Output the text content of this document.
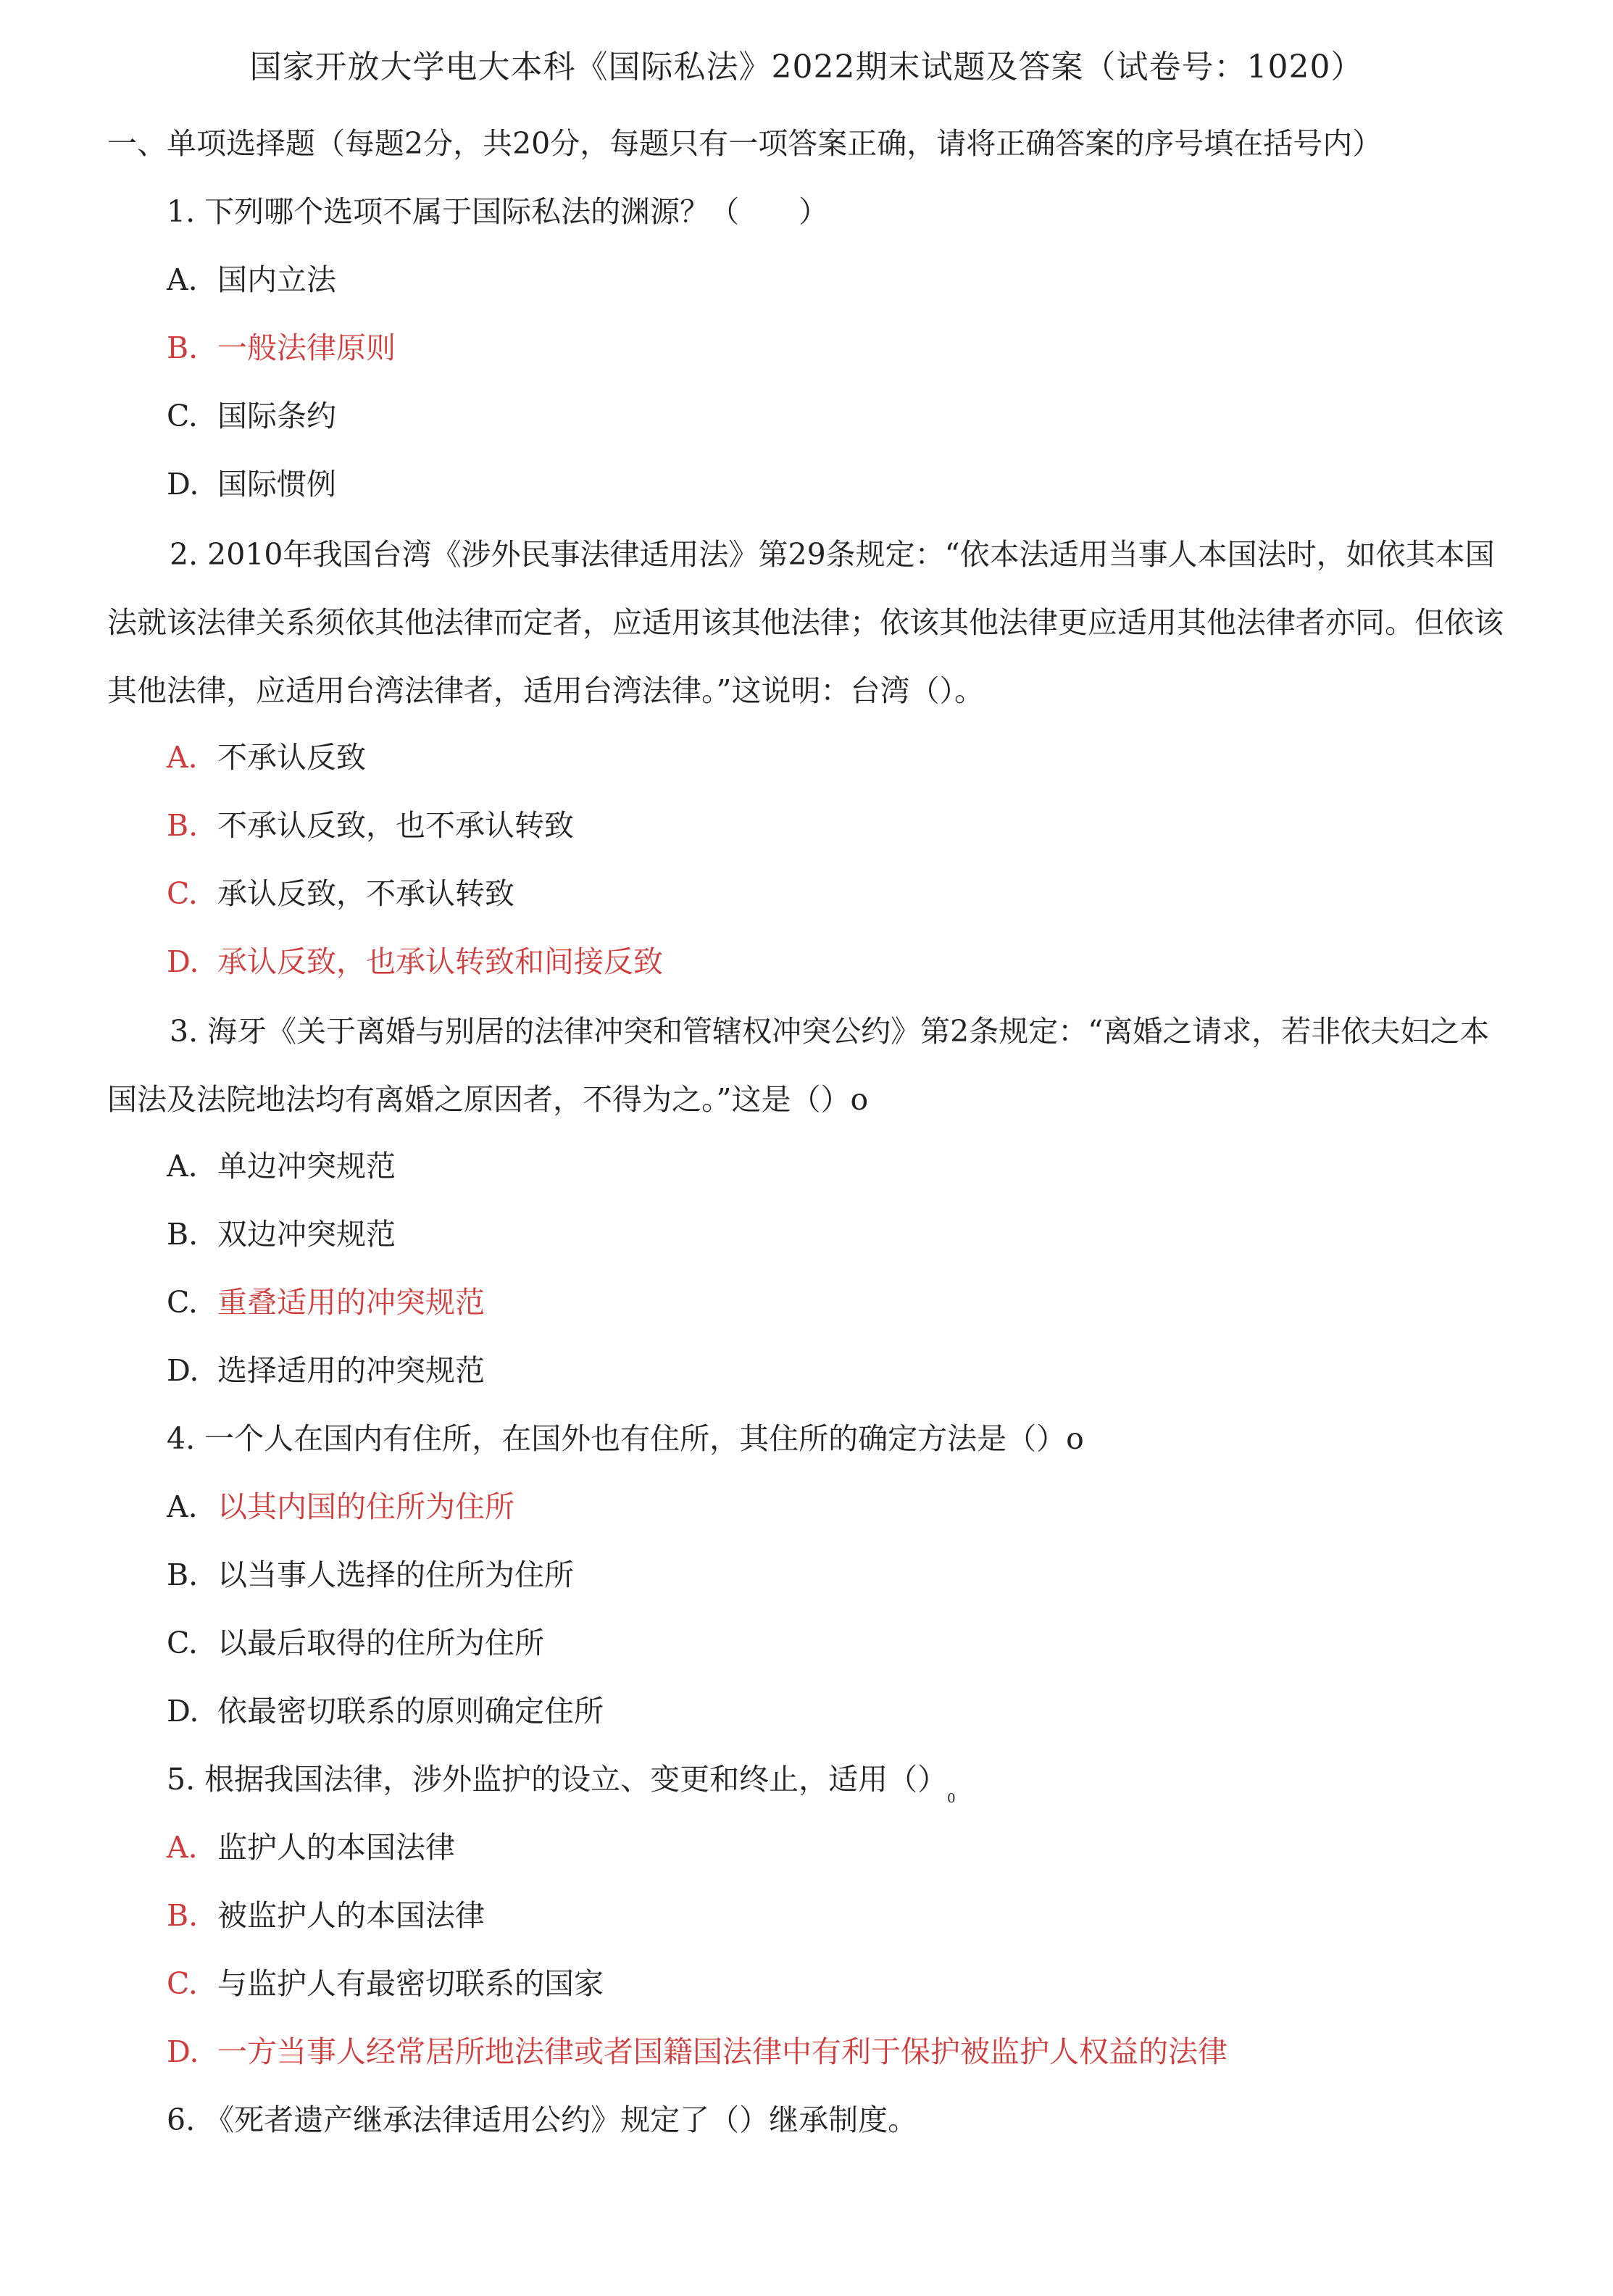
国家开放大学电大本科《国际私法》2022期末试题及答案（试卷号：1020）
一、单项选择题（每题2分，共20分，每题只有一项答案正确，请将正确答案的序号填在括号内）
1. 下列哪个选项不属于国际私法的渊源？（　　）
A. 国内立法
B. 一般法律原则
C. 国际条约
D. 国际惯例
2. 2010年我国台湾《涉外民事法律适用法》第29条规定：“依本法适用当事人本国法时，如依其本国法就该法律关系须依其他法律而定者，应适用该其他法律；依该其他法律更应适用其他法律者亦同。但依该其他法律，应适用台湾法律者，适用台湾法律。”这说明：台湾（）。
A. 不承认反致
B. 不承认反致，也不承认转致
C. 承认反致，不承认转致
D. 承认反致，也承认转致和间接反致
3. 海牙《关于离婚与别居的法律冲突和管辖权冲突公约》第2条规定：“离婚之请求，若非依夫妇之本国法及法院地法均有离婚之原因者，不得为之。”这是（）o
A. 单边冲突规范
B. 双边冲突规范
C. 重叠适用的冲突规范
D. 选择适用的冲突规范
4. 一个人在国内有住所，在国外也有住所，其住所的确定方法是（）o
A. 以其内国的住所为住所
B. 以当事人选择的住所为住所
C. 以最后取得的住所为住所
D. 依最密切联系的原则确定住所
5. 根据我国法律，涉外监护的设立、变更和终止，适用$()_0$
A. 监护人的本国法律
B. 被监护人的本国法律
C. 与监护人有最密切联系的国家
D. 一方当事人经常居所地法律或者国籍国法律中有利于保护被监护人权益的法律
6. 《死者遗产继承法律适用公约》规定了（）继承制度。
